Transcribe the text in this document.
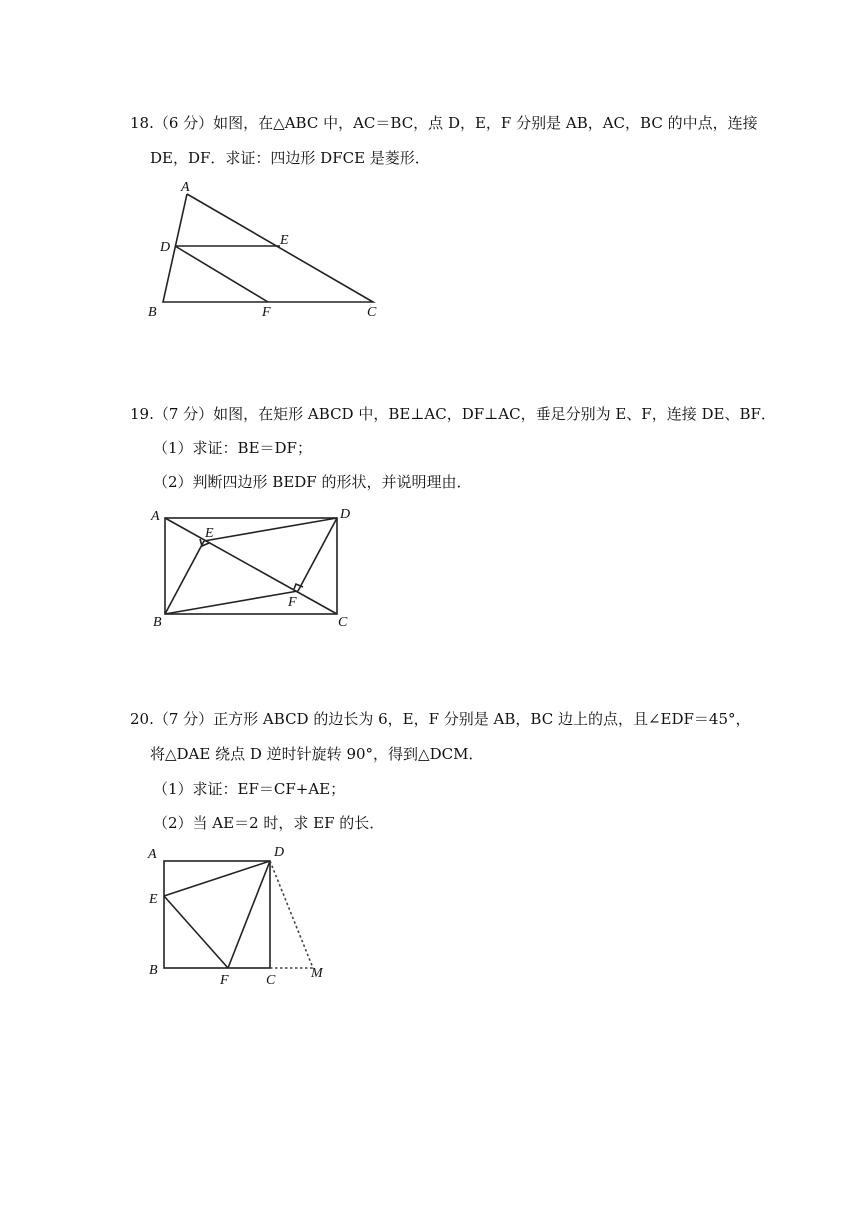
18.（6 分）如图，在△ABC 中，AC＝BC，点 D，E，F 分别是 AB，AC，BC 的中点，连接
DE，DF．求证：四边形 DFCE 是菱形．
A
D	E
B	F	C
A
E
D
F
B	C
A	D
E
B
F	C	M
19.（7 分）如图，在矩形 ABCD 中，BE⊥AC，DF⊥AC，垂足分别为 E、F，连接 DE、BF．
（1）求证：BE＝DF；
（2）判断四边形 BEDF 的形状，并说明理由．
20.（7 分）正方形 ABCD 的边长为 6，E，F 分别是 AB，BC 边上的点，且∠EDF＝45°，
将△DAE 绕点 D 逆时针旋转 90°，得到△DCM．
（1）求证：EF＝CF+AE；
（2）当 AE＝2 时，求 EF 的长．
